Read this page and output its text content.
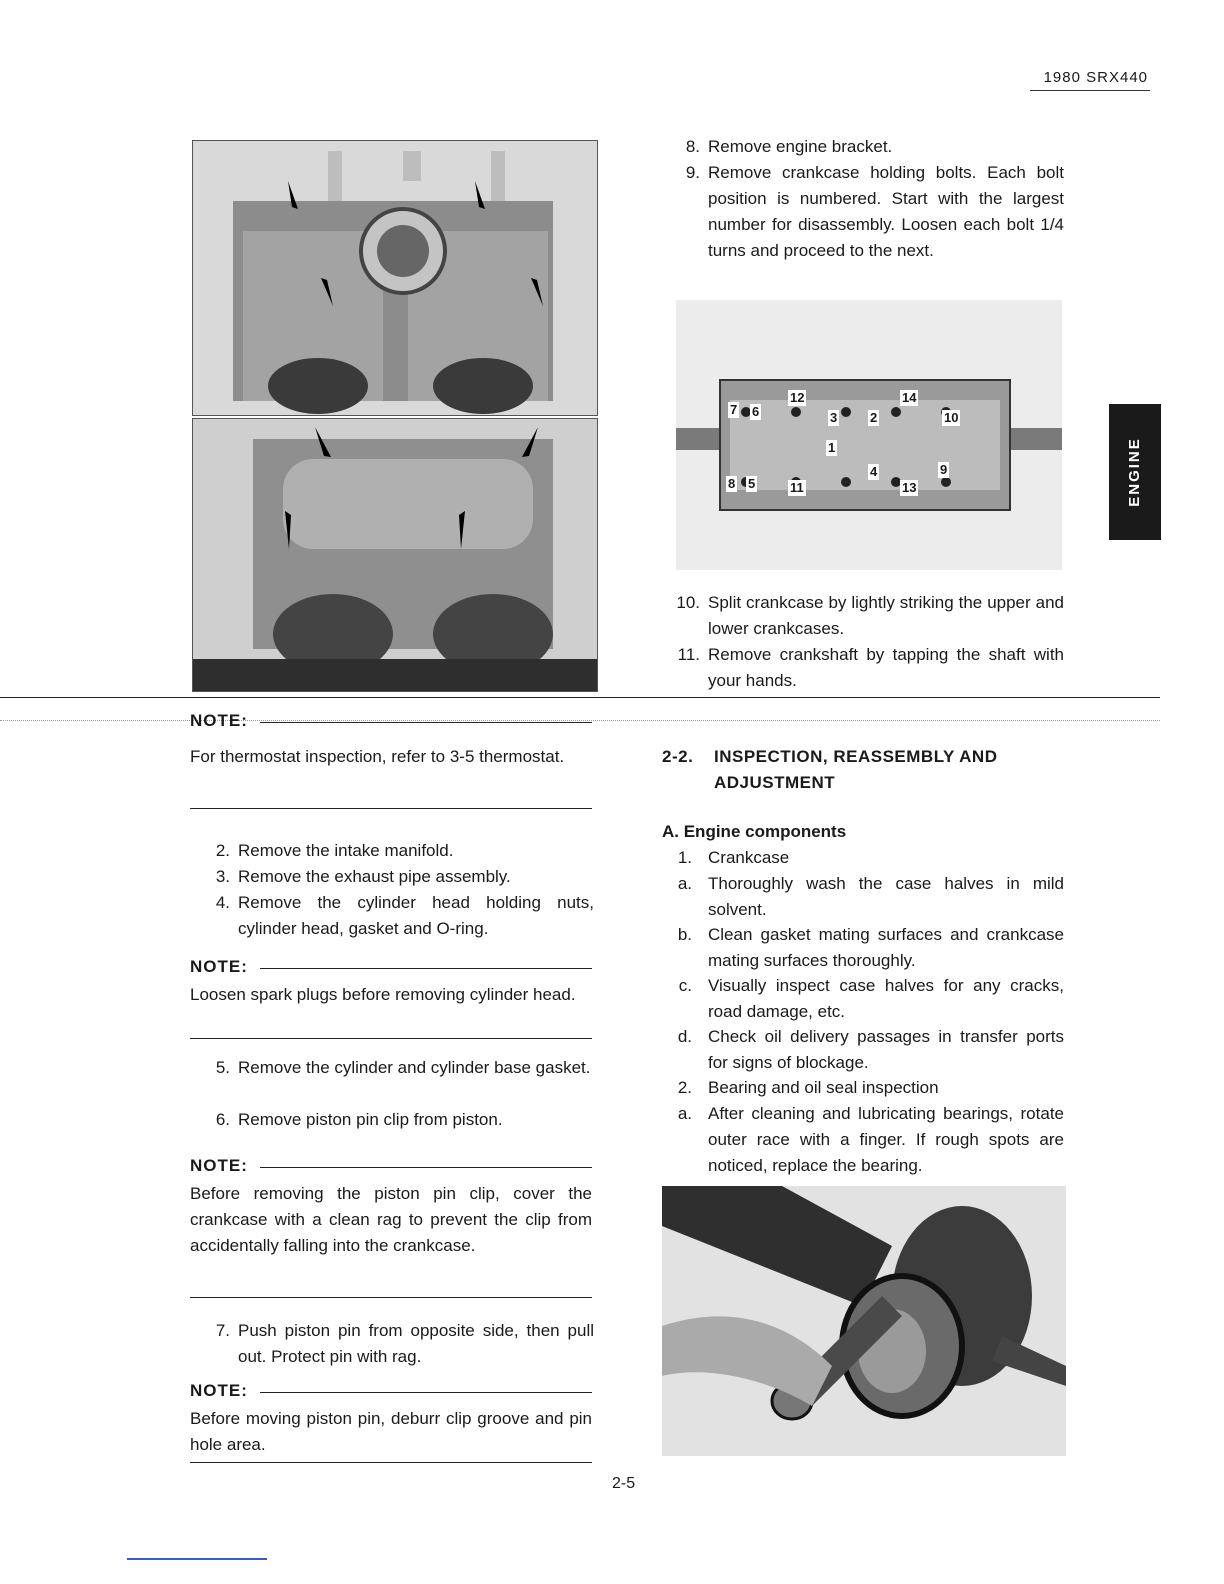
1980 SRX440
ENGINE
8. Remove engine bracket.
9. Remove crankcase holding bolts. Each bolt position is numbered. Start with the largest number for disassembly. Loosen each bolt 1/4 turns and proceed to the next.
7 6
12
3	2
14
10
1
4
8 5	11
9
13
10. Split crankcase by lightly striking the upper and lower crankcases.
11. Remove crankshaft by tapping the shaft with your hands.
NOTE:
For thermostat inspection, refer to 3-5 thermostat.
2. Remove the intake manifold.
3. Remove the exhaust pipe assembly.
4. Remove the cylinder head holding nuts, cylinder head, gasket and O-ring.
NOTE:
Loosen spark plugs before removing cylinder head.
5. Remove the cylinder and cylinder base gasket.
6. Remove piston pin clip from piston.
NOTE:
Before removing the piston pin clip, cover the crankcase with a clean rag to prevent the clip from accidentally falling into the crankcase.
7. Push piston pin from opposite side, then pull out. Protect pin with rag.
NOTE:
Before moving piston pin, deburr clip groove and pin hole area.
2-2. INSPECTION, REASSEMBLY AND
ADJUSTMENT
A. Engine components
1. Crankcase
a. Thoroughly wash the case halves in mild solvent.
b. Clean gasket mating surfaces and crankcase mating surfaces thoroughly.
c. Visually inspect case halves for any cracks, road damage, etc.
d. Check oil delivery passages in transfer ports for signs of blockage.
2. Bearing and oil seal inspection
a. After cleaning and lubricating bearings, rotate outer race with a finger. If rough spots are noticed, replace the bearing.
2-5
